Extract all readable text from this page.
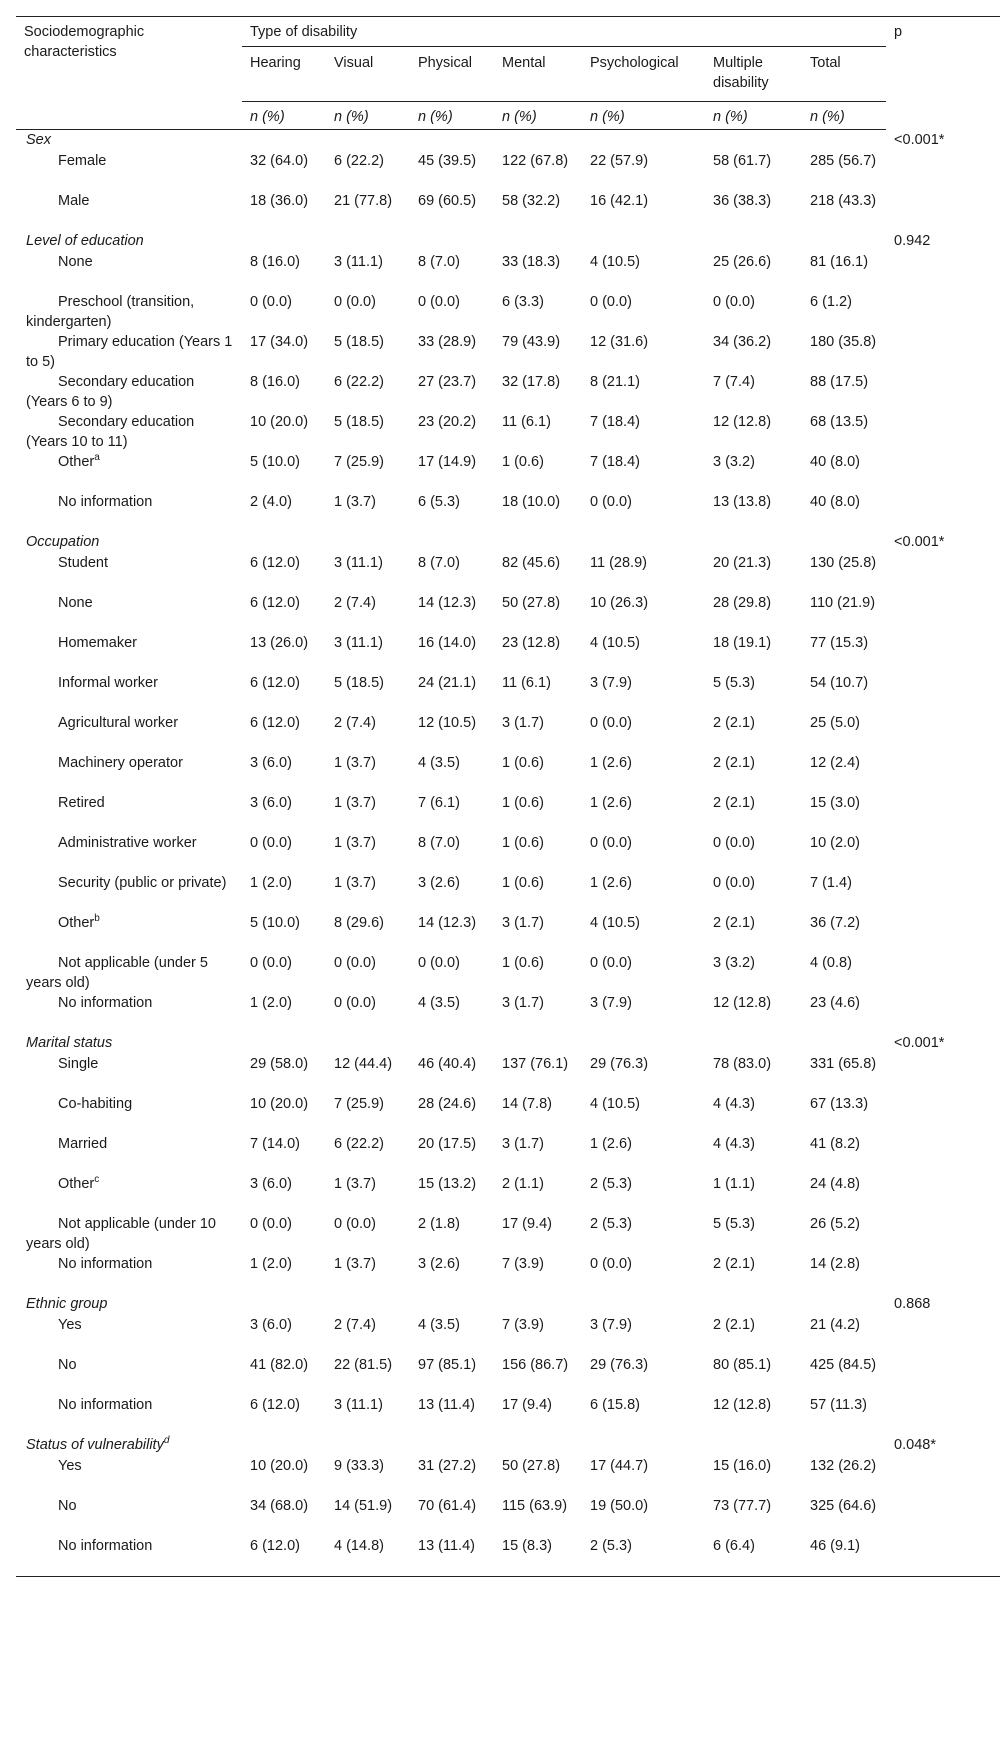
Sociodemographic characteristics	Type of disability							p
	Hearing	Visual	Physical	Mental	Psychological	Multiple disability	Total	
	n (%)	n (%)	n (%)	n (%)	n (%)	n (%)	n (%)	
Sex								<0.001*
Female	32 (64.0)	6 (22.2)	45 (39.5)	122 (67.8)	22 (57.9)	58 (61.7)	285 (56.7)	
Male	18 (36.0)	21 (77.8)	69 (60.5)	58 (32.2)	16 (42.1)	36 (38.3)	218 (43.3)	
Level of education								0.942
None	8 (16.0)	3 (11.1)	8 (7.0)	33 (18.3)	4 (10.5)	25 (26.6)	81 (16.1)	
Preschool (transition, kindergarten)	0 (0.0)	0 (0.0)	0 (0.0)	6 (3.3)	0 (0.0)	0 (0.0)	6 (1.2)	
Primary education (Years 1 to 5)	17 (34.0)	5 (18.5)	33 (28.9)	79 (43.9)	12 (31.6)	34 (36.2)	180 (35.8)	
Secondary education (Years 6 to 9)	8 (16.0)	6 (22.2)	27 (23.7)	32 (17.8)	8 (21.1)	7 (7.4)	88 (17.5)	
Secondary education (Years 10 to 11)	10 (20.0)	5 (18.5)	23 (20.2)	11 (6.1)	7 (18.4)	12 (12.8)	68 (13.5)	
Other$^a$	5 (10.0)	7 (25.9)	17 (14.9)	1 (0.6)	7 (18.4)	3 (3.2)	40 (8.0)	
No information	2 (4.0)	1 (3.7)	6 (5.3)	18 (10.0)	0 (0.0)	13 (13.8)	40 (8.0)	
Occupation								<0.001*
Student	6 (12.0)	3 (11.1)	8 (7.0)	82 (45.6)	11 (28.9)	20 (21.3)	130 (25.8)	
None	6 (12.0)	2 (7.4)	14 (12.3)	50 (27.8)	10 (26.3)	28 (29.8)	110 (21.9)	
Homemaker	13 (26.0)	3 (11.1)	16 (14.0)	23 (12.8)	4 (10.5)	18 (19.1)	77 (15.3)	
Informal worker	6 (12.0)	5 (18.5)	24 (21.1)	11 (6.1)	3 (7.9)	5 (5.3)	54 (10.7)	
Agricultural worker	6 (12.0)	2 (7.4)	12 (10.5)	3 (1.7)	0 (0.0)	2 (2.1)	25 (5.0)	
Machinery operator	3 (6.0)	1 (3.7)	4 (3.5)	1 (0.6)	1 (2.6)	2 (2.1)	12 (2.4)	
Retired	3 (6.0)	1 (3.7)	7 (6.1)	1 (0.6)	1 (2.6)	2 (2.1)	15 (3.0)	
Administrative worker	0 (0.0)	1 (3.7)	8 (7.0)	1 (0.6)	0 (0.0)	0 (0.0)	10 (2.0)	
Security (public or private)	1 (2.0)	1 (3.7)	3 (2.6)	1 (0.6)	1 (2.6)	0 (0.0)	7 (1.4)	
Other$^b$	5 (10.0)	8 (29.6)	14 (12.3)	3 (1.7)	4 (10.5)	2 (2.1)	36 (7.2)	
Not applicable (under 5 years old)	0 (0.0)	0 (0.0)	0 (0.0)	1 (0.6)	0 (0.0)	3 (3.2)	4 (0.8)	
No information	1 (2.0)	0 (0.0)	4 (3.5)	3 (1.7)	3 (7.9)	12 (12.8)	23 (4.6)	
Marital status								<0.001*
Single	29 (58.0)	12 (44.4)	46 (40.4)	137 (76.1)	29 (76.3)	78 (83.0)	331 (65.8)	
Co-habiting	10 (20.0)	7 (25.9)	28 (24.6)	14 (7.8)	4 (10.5)	4 (4.3)	67 (13.3)	
Married	7 (14.0)	6 (22.2)	20 (17.5)	3 (1.7)	1 (2.6)	4 (4.3)	41 (8.2)	
Other$^c$	3 (6.0)	1 (3.7)	15 (13.2)	2 (1.1)	2 (5.3)	1 (1.1)	24 (4.8)	
Not applicable (under 10 years old)	0 (0.0)	0 (0.0)	2 (1.8)	17 (9.4)	2 (5.3)	5 (5.3)	26 (5.2)	
No information	1 (2.0)	1 (3.7)	3 (2.6)	7 (3.9)	0 (0.0)	2 (2.1)	14 (2.8)	
Ethnic group								0.868
Yes	3 (6.0)	2 (7.4)	4 (3.5)	7 (3.9)	3 (7.9)	2 (2.1)	21 (4.2)	
No	41 (82.0)	22 (81.5)	97 (85.1)	156 (86.7)	29 (76.3)	80 (85.1)	425 (84.5)	
No information	6 (12.0)	3 (11.1)	13 (11.4)	17 (9.4)	6 (15.8)	12 (12.8)	57 (11.3)	
Status of vulnerability$^d$								0.048*
Yes	10 (20.0)	9 (33.3)	31 (27.2)	50 (27.8)	17 (44.7)	15 (16.0)	132 (26.2)	
No	34 (68.0)	14 (51.9)	70 (61.4)	115 (63.9)	19 (50.0)	73 (77.7)	325 (64.6)	
No information	6 (12.0)	4 (14.8)	13 (11.4)	15 (8.3)	2 (5.3)	6 (6.4)	46 (9.1)	
